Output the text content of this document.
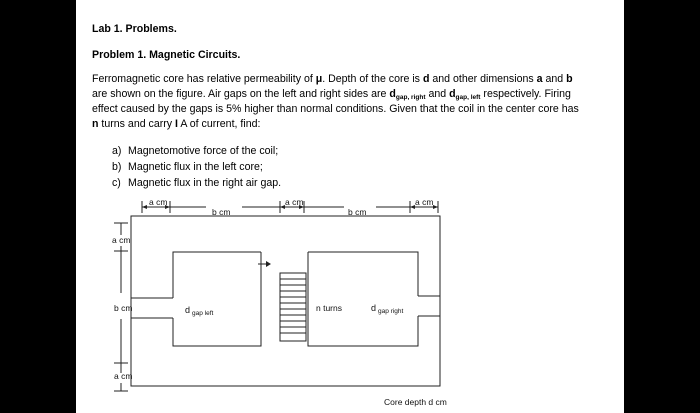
Lab 1. Problems.
Problem 1. Magnetic Circuits.
Ferromagnetic core has relative permeability of μ. Depth of the core is d and other dimensions a and b
are shown on the figure. Air gaps on the left and right sides are $d_{gap, right}$ and $d_{gap, left}$ respectively. Firing
effect caused by the gaps is 5% higher than normal conditions. Given that the coil in the center core has
n turns and carry I A of current, find:
a) Magnetomotive force of the coil;
b) Magnetic flux in the left core;
c) Magnetic flux in the right air gap.
a cm
b cm
a cm
b cm
a cm
a cm
b cm
a cm
n turns
Core depth d cm
d $_{gap left}$
d $_{gap right}$
